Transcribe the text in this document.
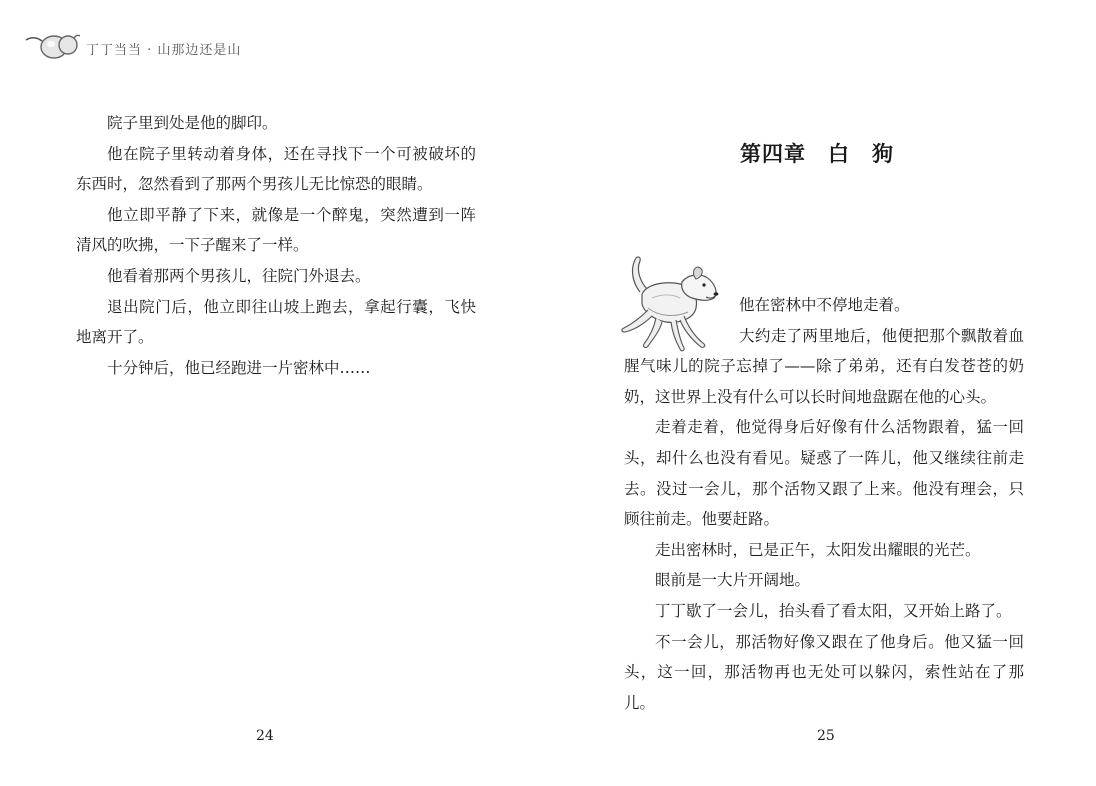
丁丁当当 · 山那边还是山

院子里到处是他的脚印。

他在院子里转动着身体，还在寻找下一个可被破坏的东西时，忽然看到了那两个男孩儿无比惊恐的眼睛。

他立即平静了下来，就像是一个醉鬼，突然遭到一阵清风的吹拂，一下子醒来了一样。

他看着那两个男孩儿，往院门外退去。

退出院门后，他立即往山坡上跑去，拿起行囊，飞快地离开了。

十分钟后，他已经跑进一片密林中……

24
第四章　白　狗

他在密林中不停地走着。

大约走了两里地后，他便把那个飘散着血腥气味儿的院子忘掉了——除了弟弟，还有白发苍苍的奶奶，这世界上没有什么可以长时间地盘踞在他的心头。

走着走着，他觉得身后好像有什么活物跟着，猛一回头，却什么也没有看见。疑惑了一阵儿，他又继续往前走去。没过一会儿，那个活物又跟了上来。他没有理会，只顾往前走。他要赶路。

走出密林时，已是正午，太阳发出耀眼的光芒。

眼前是一大片开阔地。

丁丁歇了一会儿，抬头看了看太阳，又开始上路了。

不一会儿，那活物好像又跟在了他身后。他又猛一回头，这一回，那活物再也无处可以躲闪，索性站在了那儿。

25
